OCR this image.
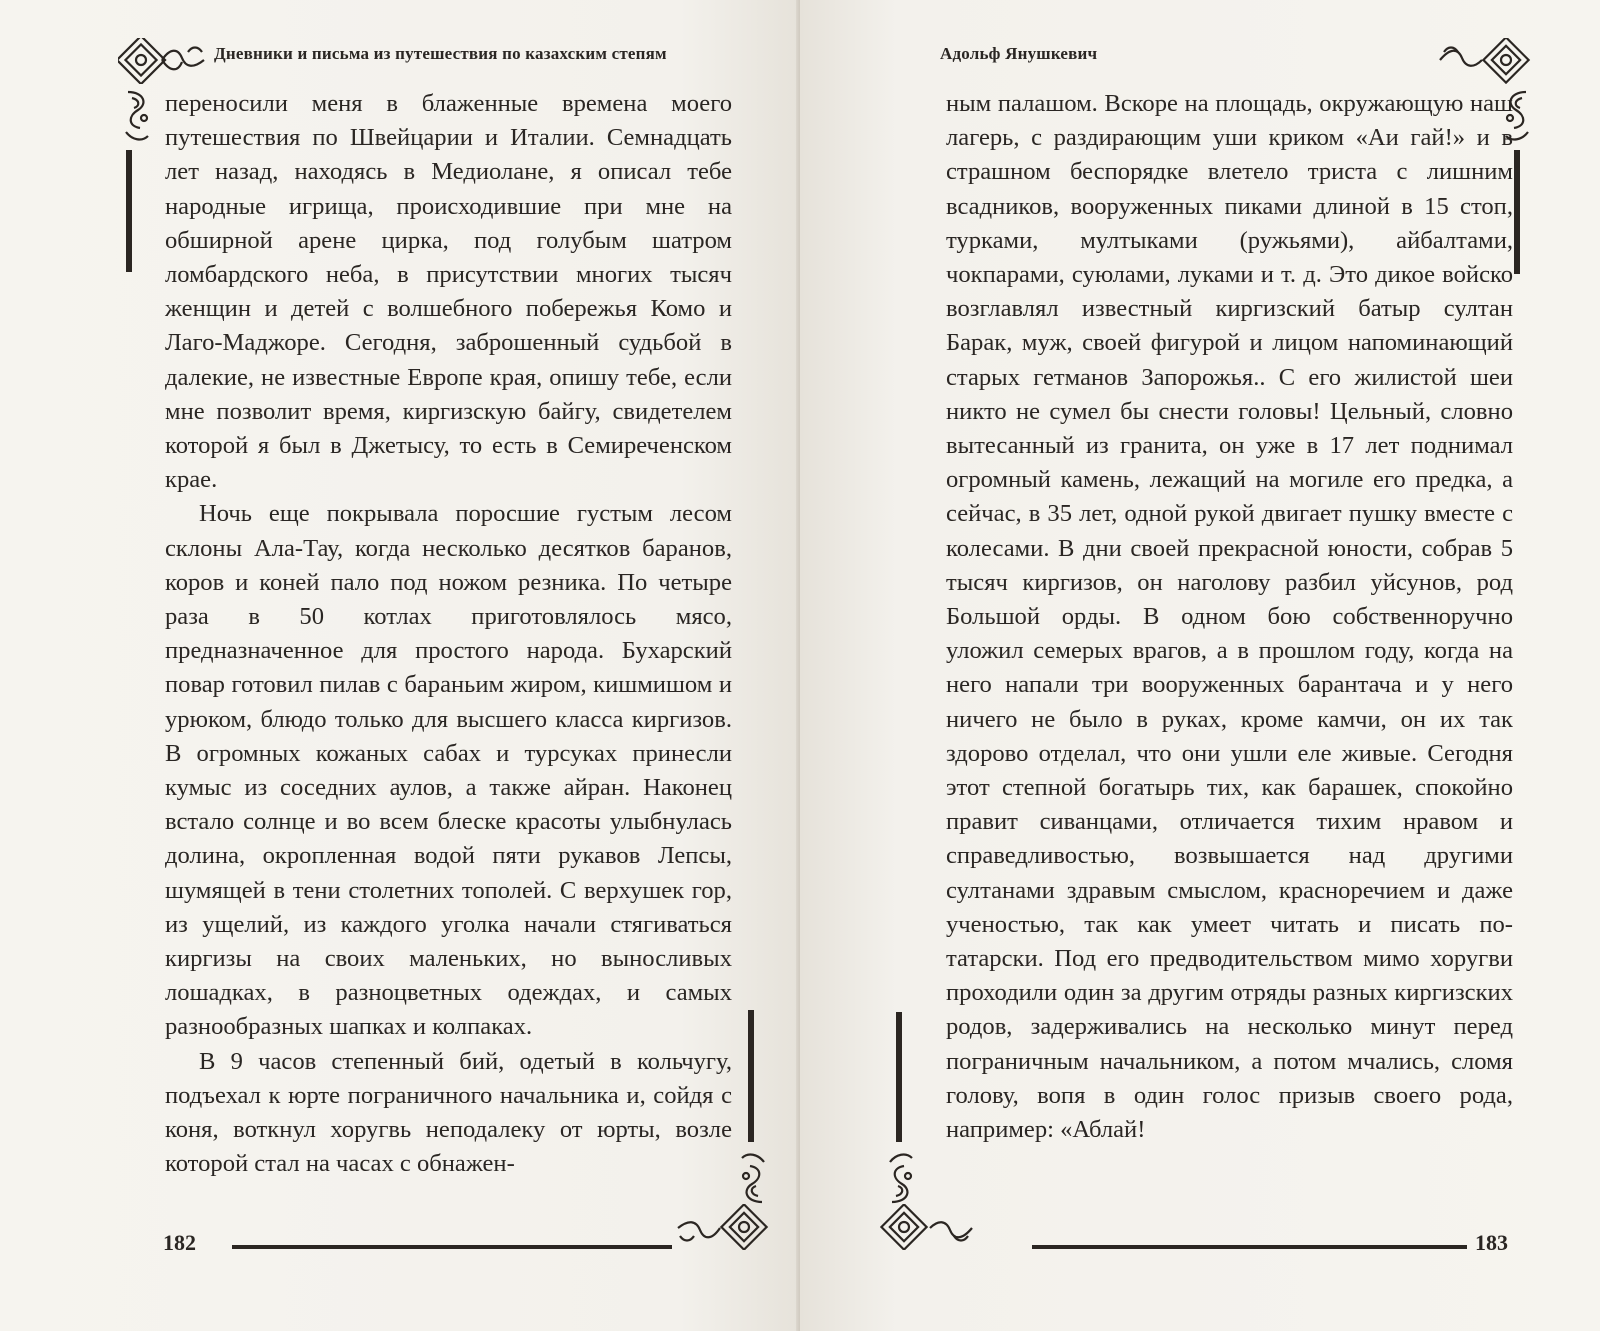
Дневники и письма из путешествия по казахским степям

переносили меня в блаженные времена моего путешествия по Швейцарии и Италии. Семнадцать лет назад, находясь в Медиолане, я описал тебе народные игрища, происходившие при мне на обширной арене цирка, под голубым шатром ломбардского неба, в присутствии многих тысяч женщин и детей с волшебного побережья Комо и Лаго-Маджоре. Сегодня, заброшенный судьбой в далекие, не известные Европе края, опишу тебе, если мне позволит время, киргизскую байгу, свидетелем которой я был в Джетысу, то есть в Семиреченском крае.

Ночь еще покрывала поросшие густым лесом склоны Ала-Тау, когда несколько десятков баранов, коров и коней пало под ножом резника. По четыре раза в 50 котлах приготовлялось мясо, предназначенное для простого народа. Бухарский повар готовил пилав с бараньим жиром, кишмишом и урюком, блюдо только для высшего класса киргизов. В огромных кожаных сабах и турсуках принесли кумыс из соседних аулов, а также айран. Наконец встало солнце и во всем блеске красоты улыбнулась долина, окропленная водой пяти рукавов Лепсы, шумящей в тени столетних тополей. С верхушек гор, из ущелий, из каждого уголка начали стягиваться киргизы на своих маленьких, но выносливых лошадках, в разноцветных одеждах, и самых разнообразных шапках и колпаках.

В 9 часов степенный бий, одетый в кольчугу, подъехал к юрте пограничного начальника и, сойдя с коня, воткнул хоругвь неподалеку от юрты, возле которой стал на часах с обнажен-

182
Адольф Янушкевич

ным палашом. Вскоре на площадь, окружающую наш лагерь, с раздирающим уши криком «Аи гай!» и в страшном беспорядке влетело триста с лишним всадников, вооруженных пиками длиной в 15 стоп, турками, мултыками (ружьями), айбалтами, чокпарами, суюлами, луками и т. д. Это дикое войско возглавлял известный киргизский батыр султан Барак, муж, своей фигурой и лицом напоминающий старых гетманов Запорожья.. С его жилистой шеи никто не сумел бы снести головы! Цельный, словно вытесанный из гранита, он уже в 17 лет поднимал огромный камень, лежащий на могиле его предка, а сейчас, в 35 лет, одной рукой двигает пушку вместе с колесами. В дни своей прекрасной юности, собрав 5 тысяч киргизов, он наголову разбил уйсунов, род Большой орды. В одном бою собственноручно уложил семерых врагов, а в прошлом году, когда на него напали три вооруженных барантача и у него ничего не было в руках, кроме камчи, он их так здорово отделал, что они ушли еле живые. Сегодня этот степной богатырь тих, как барашек, спокойно правит сиванцами, отличается тихим нравом и справедливостью, возвышается над другими султанами здравым смыслом, красноречием и даже ученостью, так как умеет читать и писать по-татарски. Под его предводительством мимо хоругви проходили один за другим отряды разных киргизских родов, задерживались на несколько минут перед пограничным начальником, а потом мчались, сломя голову, вопя в один голос призыв своего рода, например: «Аблай!

183
